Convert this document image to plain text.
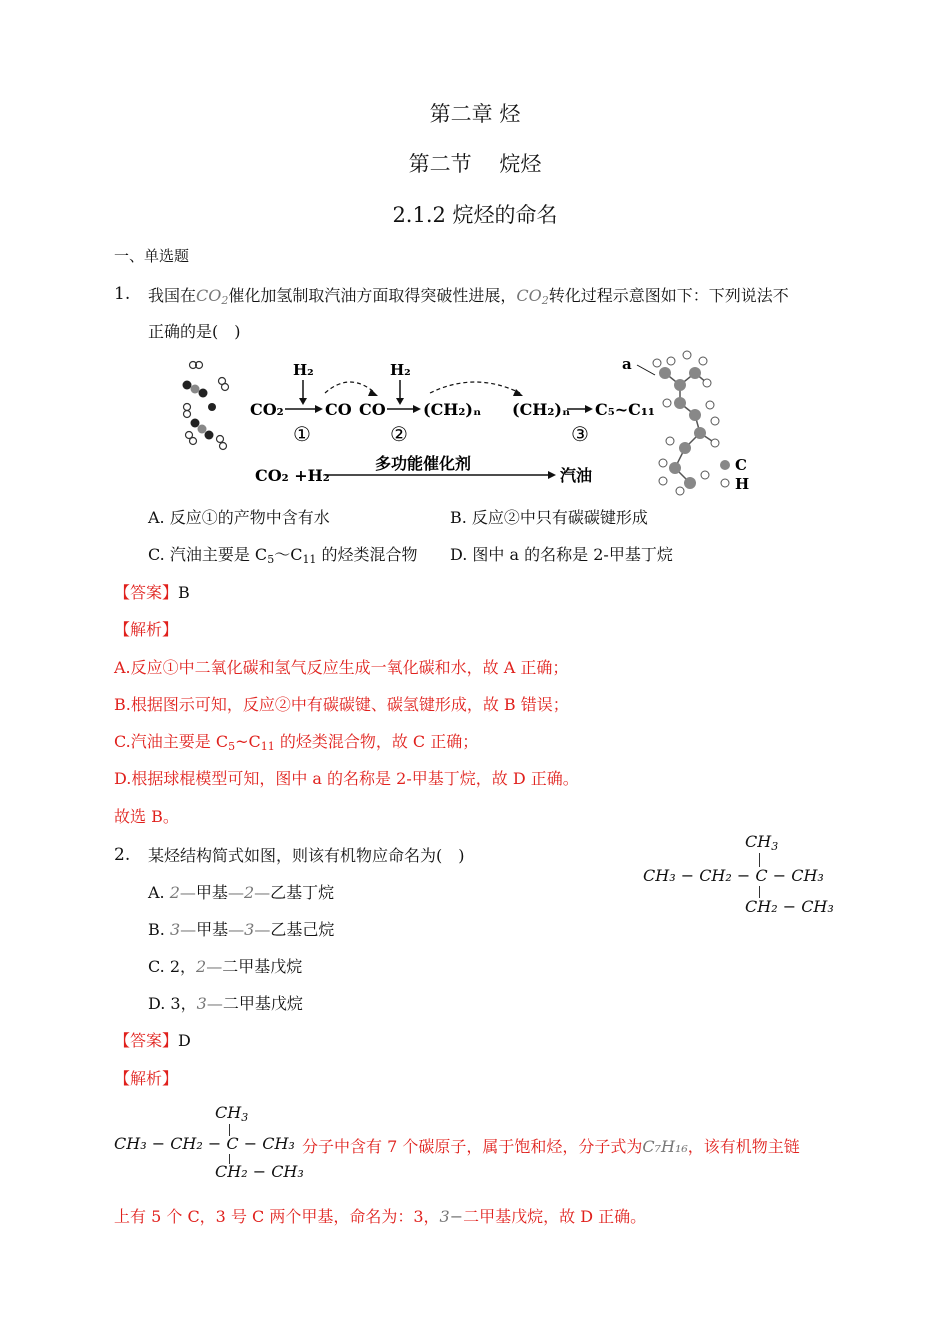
第二章 烃
第二节　 烷烃
2.1.2 烷烃的命名
一、单选题
1. 我国在$CO_2$催化加氢制取汽油方面取得突破性进展，$CO_2$转化过程示意图如下：下列说法不
正确的是(　)
H₂	H₂
CO₂	CO CO (CH₂)ₙ (CH₂)ₙ C₅~C₁₁
①	②	③
CO₂ +H₂
多功能催化剂
汽油
a
C
H
A. 反应①的产物中含有水	B. 反应②中只有碳碳键形成
C. 汽油主要是 $C_5\sim C_{11}$ 的烃类混合物 D. 图中 a 的名称是 2-甲基丁烷
【答案】B
【解析】
A.反应①中二氧化碳和氢气反应生成一氧化碳和水，故 A 正确；
B.根据图示可知，反应②中有碳碳键、碳氢键形成，故 B 错误；
C.汽油主要是 $C_5\sim C_{11}$ 的烃类混合物，故 C 正确；
D.根据球棍模型可知，图中 a 的名称是 2-甲基丁烷，故 D 正确。
故选 B。
2. 某烃结构简式如图，则该有机物应命名为(　)
A. 2—甲基—2—乙基丁烷
B. 3—甲基—3—乙基己烷
C. 2，2—二甲基戊烷
D. 3，3—二甲基戊烷
$CH_3$
CH₃ − CH₂ − C − CH₃
CH₂ − CH₃
【答案】D
【解析】
$CH_3$
CH₃ − CH₂ − C − CH₃
CH₂ − CH₃
分子中含有 7 个碳原子，属于饱和烃，分子式为C₇H₁₆，该有机物主链
上有 5 个 C，3 号 C 两个甲基，命名为：3，3−二甲基戊烷，故 D 正确。
